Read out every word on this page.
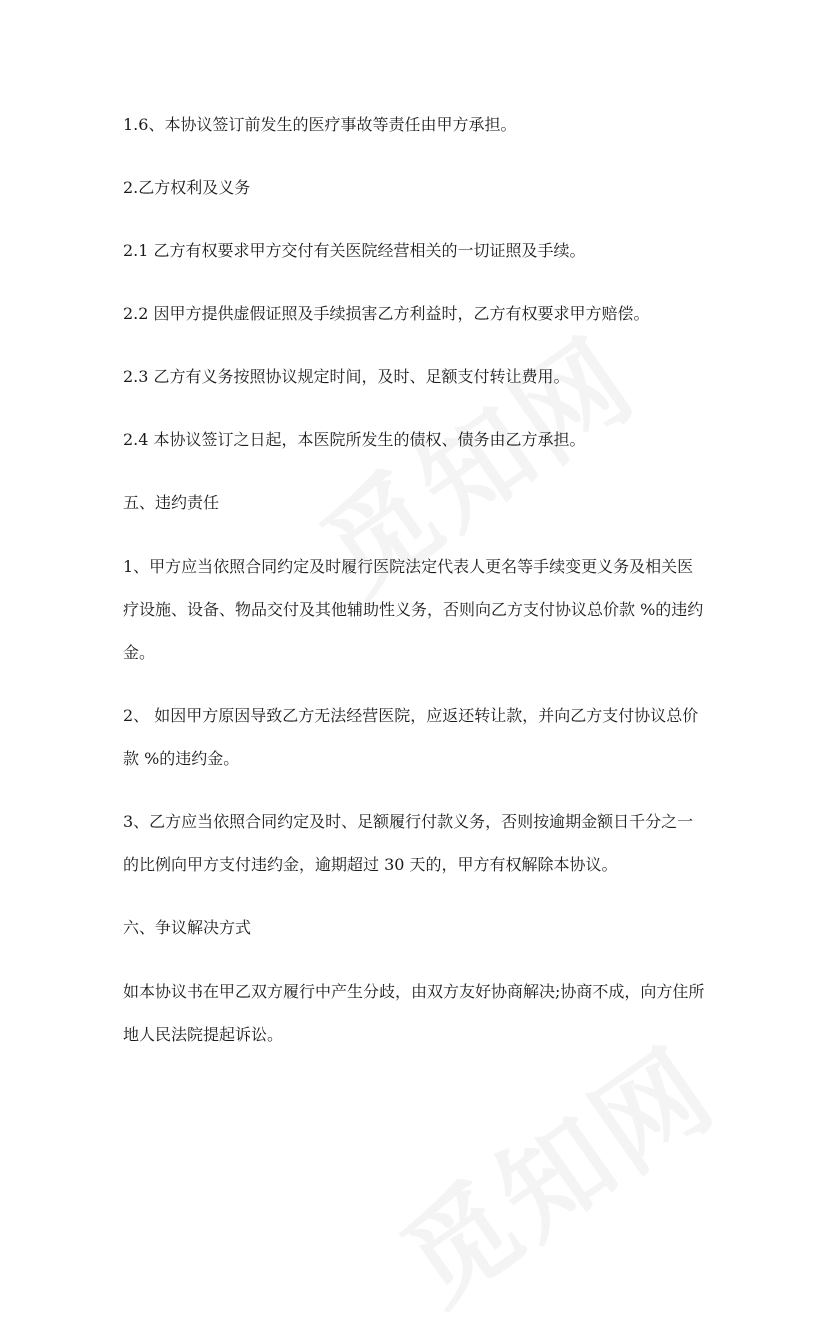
1.6、本协议签订前发生的医疗事故等责任由甲方承担。

2.乙方权利及义务

2.1 乙方有权要求甲方交付有关医院经营相关的一切证照及手续。

2.2 因甲方提供虚假证照及手续损害乙方利益时，乙方有权要求甲方赔偿。

2.3 乙方有义务按照协议规定时间，及时、足额支付转让费用。

2.4 本协议签订之日起，本医院所发生的债权、债务由乙方承担。

五、违约责任

1、甲方应当依照合同约定及时履行医院法定代表人更名等手续变更义务及相关医疗设施、设备、物品交付及其他辅助性义务，否则向乙方支付协议总价款 %的违约金。

2、 如因甲方原因导致乙方无法经营医院，应返还转让款，并向乙方支付协议总价款 %的违约金。

3、乙方应当依照合同约定及时、足额履行付款义务，否则按逾期金额日千分之一的比例向甲方支付违约金，逾期超过 30 天的，甲方有权解除本协议。

六、争议解决方式

如本协议书在甲乙双方履行中产生分歧，由双方友好协商解决;协商不成，向方住所地人民法院提起诉讼。
